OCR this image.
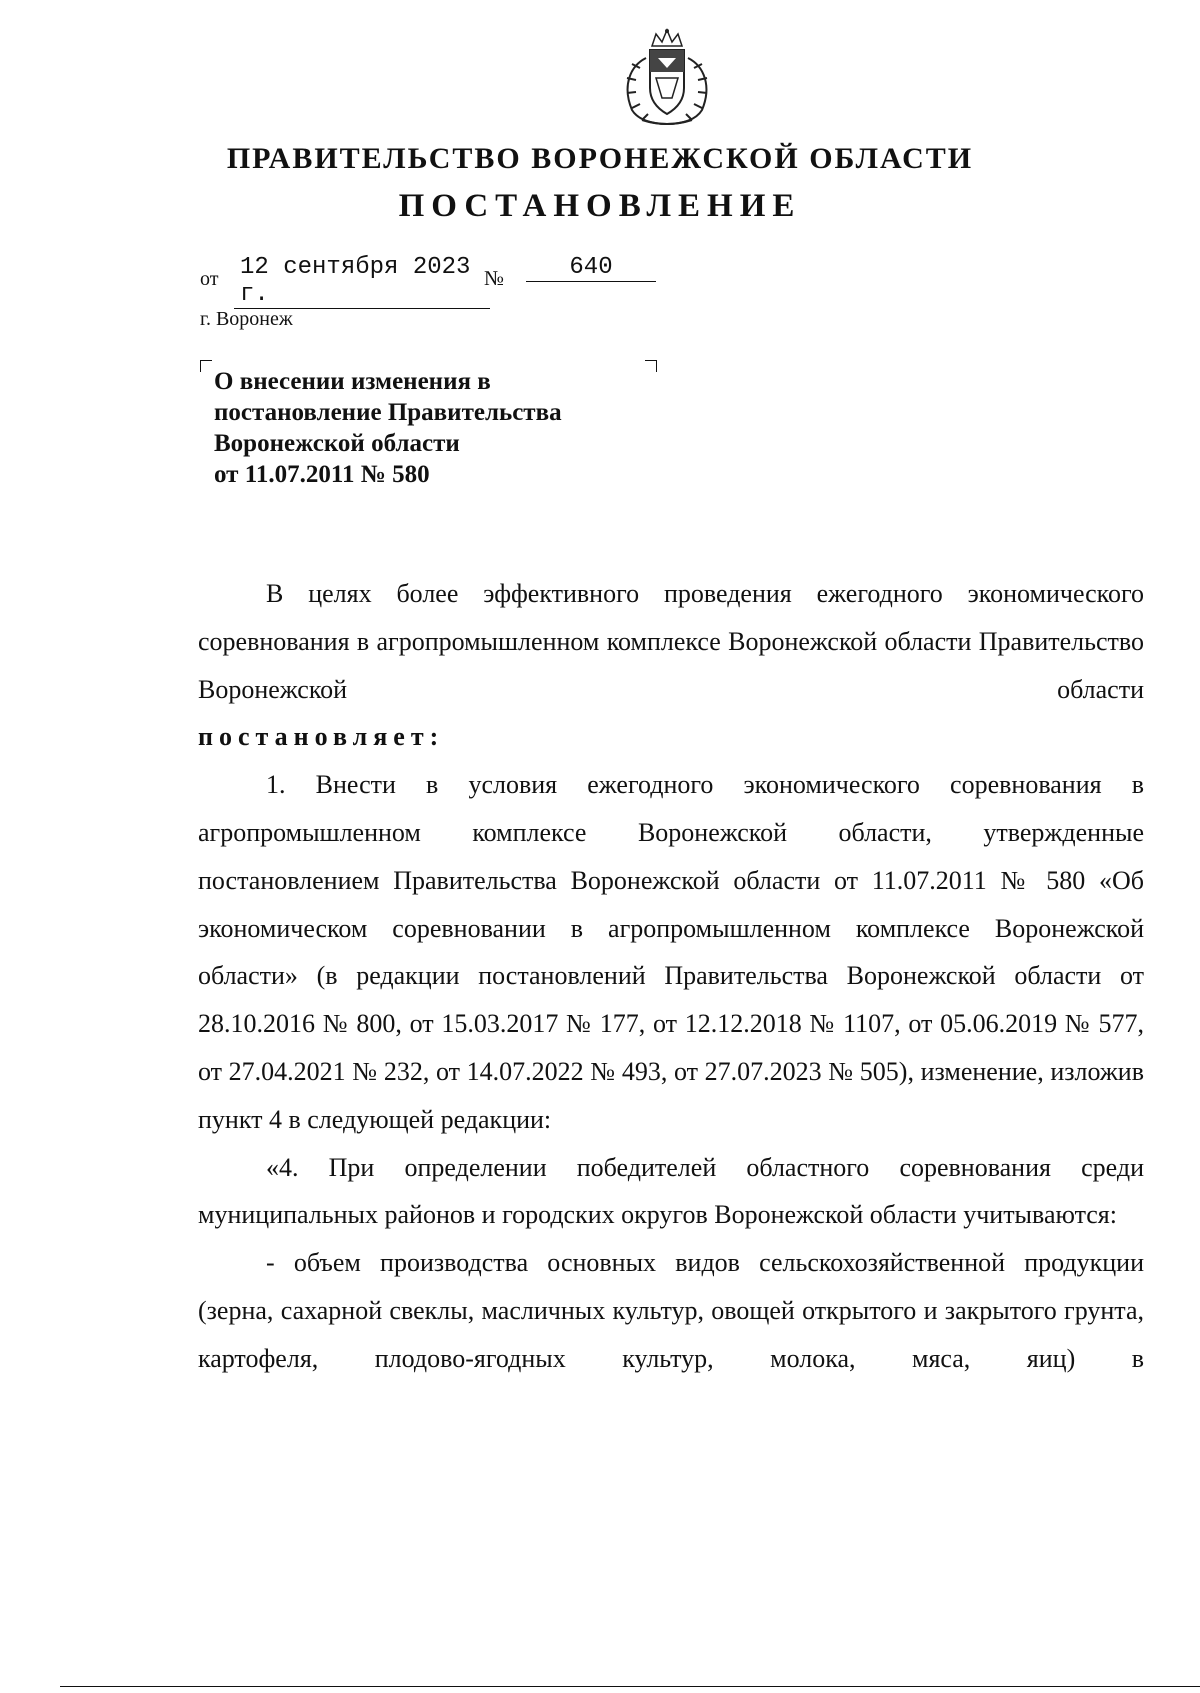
ПРАВИТЕЛЬСТВО ВОРОНЕЖСКОЙ ОБЛАСТИ
ПОСТАНОВЛЕНИЕ
от 12 сентября 2023 г.
№	640
г. Воронеж
О внесении изменения в
постановление Правительства
Воронежской области
от 11.07.2011 № 580

В целях более эффективного проведения ежегодного экономического соревнования в агропромышленном комплексе Воронежской области Правительство Воронежской области

постановляет:

1. Внести в условия ежегодного экономического соревнования в агропромышленном комплексе Воронежской области, утвержденные постановлением Правительства Воронежской области от 11.07.2011 № 580 «Об экономическом соревновании в агропромышленном комплексе Воронежской области» (в редакции постановлений Правительства Воронежской области от 28.10.2016 № 800, от 15.03.2017 № 177, от 12.12.2018 № 1107, от 05.06.2019 № 577, от 27.04.2021 № 232, от 14.07.2022 № 493, от 27.07.2023 № 505), изменение, изложив пункт 4 в следующей редакции:

«4. При определении победителей областного соревнования среди муниципальных районов и городских округов Воронежской области учитываются:

- объем производства основных видов сельскохозяйственной продукции (зерна, сахарной свеклы, масличных культур, овощей открытого и закрытого грунта, картофеля, плодово-ягодных культур, молока, мяса, яиц) в
